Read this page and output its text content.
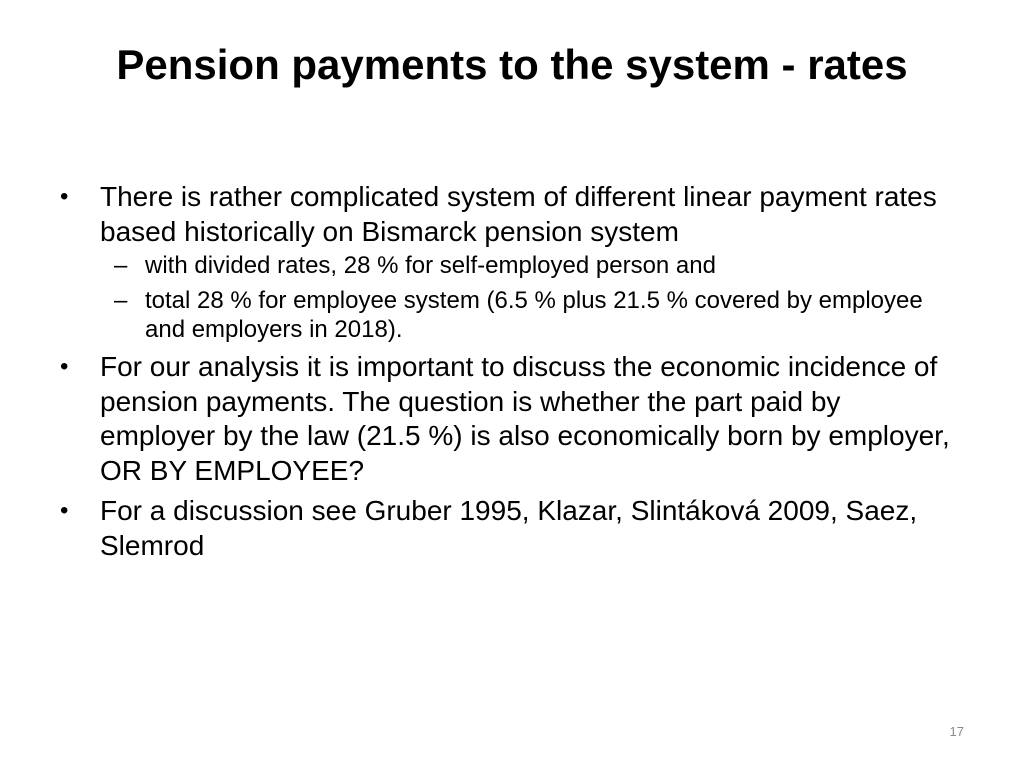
Pension payments to the system - rates
•	There is rather complicated system of different linear payment rates based historically on Bismarck pension system
– with divided rates, 28 % for self-employed person and
– total 28 % for employee system (6.5 % plus 21.5 % covered by employee and employers in 2018).
•	For our analysis it is important to discuss the economic incidence of pension payments. The question is whether the part paid by employer by the law (21.5 %) is also economically born by employer, OR BY EMPLOYEE?
•	For a discussion see Gruber 1995, Klazar, Slintáková 2009, Saez, Slemrod
17
